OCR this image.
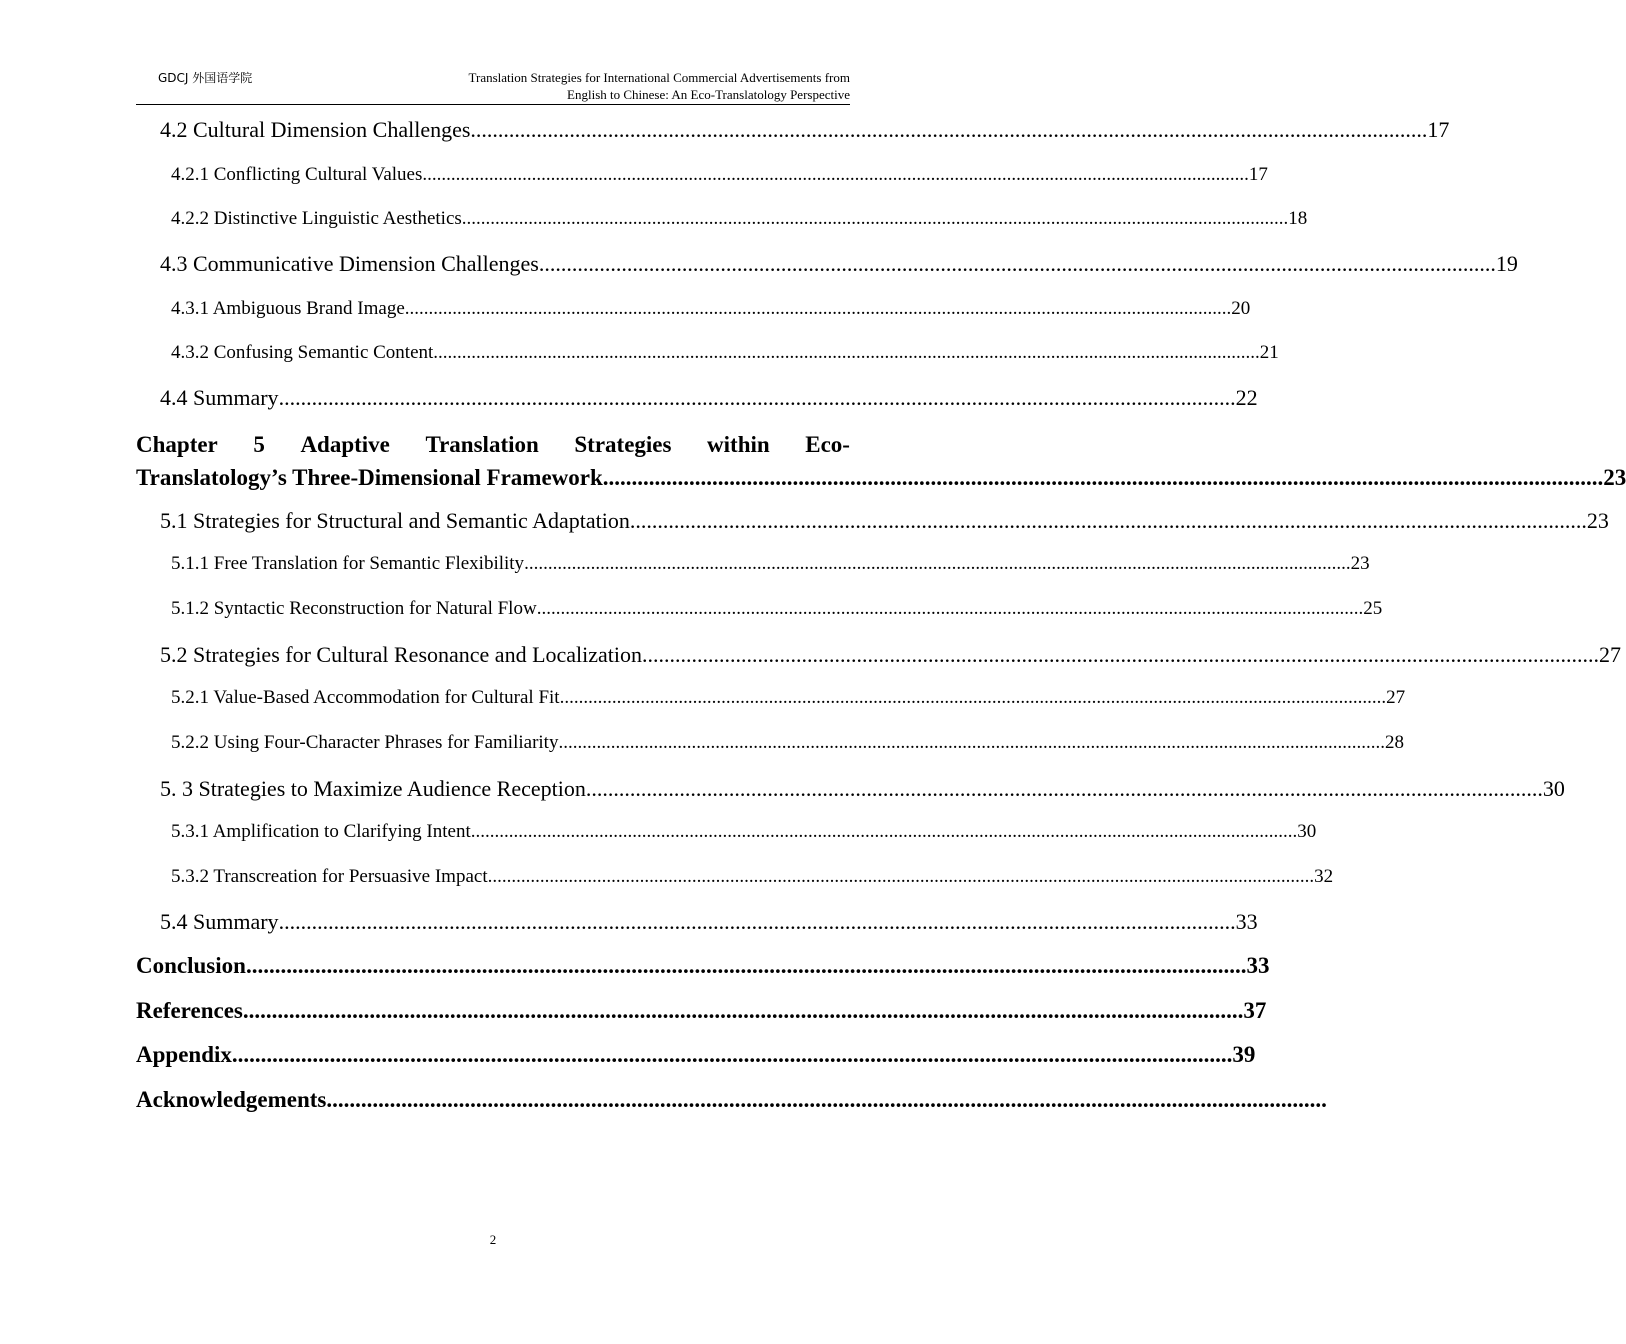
GDCJ 外国语学院	Translation Strategies for International Commercial Advertisements from
English to Chinese: An Eco-Translatology Perspective
4.2 Cultural Dimension Challenges .............................................................................................................................................................................. 17
4.2.1 Conflicting Cultural Values .............................................................................................................................................................................. 17
4.2.2 Distinctive Linguistic Aesthetics .............................................................................................................................................................................. 18
4.3 Communicative Dimension Challenges .............................................................................................................................................................................. 19
4.3.1 Ambiguous Brand Image .............................................................................................................................................................................. 20
4.3.2 Confusing Semantic Content .............................................................................................................................................................................. 21
4.4 Summary .............................................................................................................................................................................. 22
Chapter 5 Adaptive Translation Strategies within Eco-
Translatology’s Three-Dimensional Framework .............................................................................................................................................................................. 23
5.1 Strategies for Structural and Semantic Adaptation .............................................................................................................................................................................. 23
5.1.1 Free Translation for Semantic Flexibility .............................................................................................................................................................................. 23
5.1.2 Syntactic Reconstruction for Natural Flow .............................................................................................................................................................................. 25
5.2 Strategies for Cultural Resonance and Localization .............................................................................................................................................................................. 27
5.2.1 Value-Based Accommodation for Cultural Fit .............................................................................................................................................................................. 27
5.2.2 Using Four-Character Phrases for Familiarity .............................................................................................................................................................................. 28
5. 3 Strategies to Maximize Audience Reception .............................................................................................................................................................................. 30
5.3.1 Amplification to Clarifying Intent .............................................................................................................................................................................. 30
5.3.2 Transcreation for Persuasive Impact .............................................................................................................................................................................. 32
5.4 Summary .............................................................................................................................................................................. 33
Conclusion .............................................................................................................................................................................. 33
References .............................................................................................................................................................................. 37
Appendix .............................................................................................................................................................................. 39
Acknowledgements ..............................................................................................................................................................................
2
